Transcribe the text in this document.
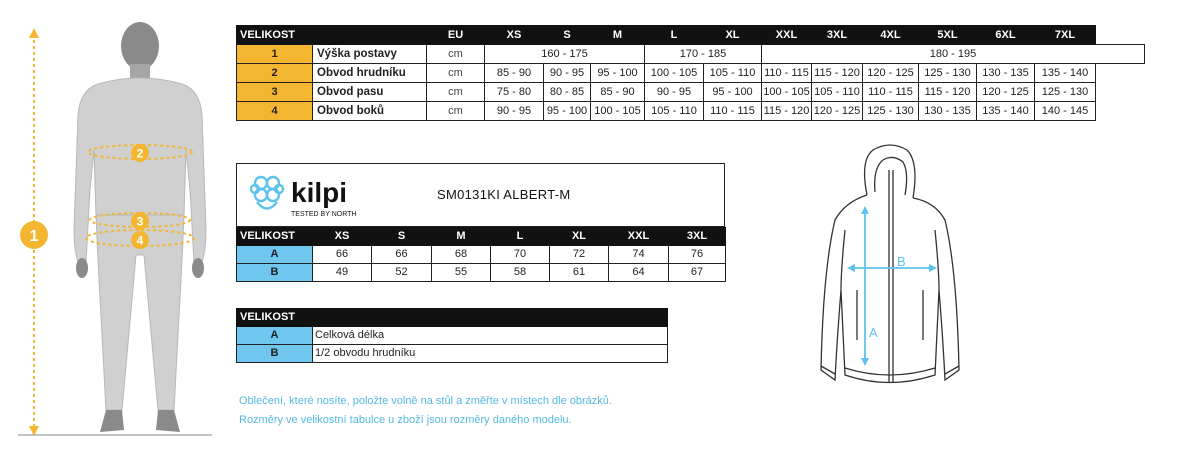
1
2
3
4
VELIKOST		EU	XS	S	M	L	XL	XXL	3XL	4XL	5XL	6XL	7XL
1	Výška postavy	cm	160 - 175			170 - 185		180 - 195					
2	Obvod hrudníku	cm	85 - 90	90 - 95	95 - 100	100 - 105	105 - 110	110 - 115	115 - 120	120 - 125	125 - 130	130 - 135	135 - 140
3	Obvod pasu	cm	75 - 80	80 - 85	85 - 90	90 - 95	95 - 100	100 - 105	105 - 110	110 - 115	115 - 120	120 - 125	125 - 130
4	Obvod boků	cm	90 - 95	95 - 100	100 - 105	105 - 110	110 - 115	115 - 120	120 - 125	125 - 130	130 - 135	135 - 140	140 - 145
kilpi
TESTED BY NORTH
SM0131KI ALBERT-M
VELIKOST	XS	S	M	L	XL	XXL	3XL
A	66	66	68	70	72	74	76
B	49	52	55	58	61	64	67
VELIKOST	
A	Celková délka
B	1/2 obvodu hrudníku
Oblečení, které nosíte, položte volně na stůl a změřte v místech dle obrázků.
Rozměry ve velikostní tabulce u zboží jsou rozměry daného modelu.
A
B
